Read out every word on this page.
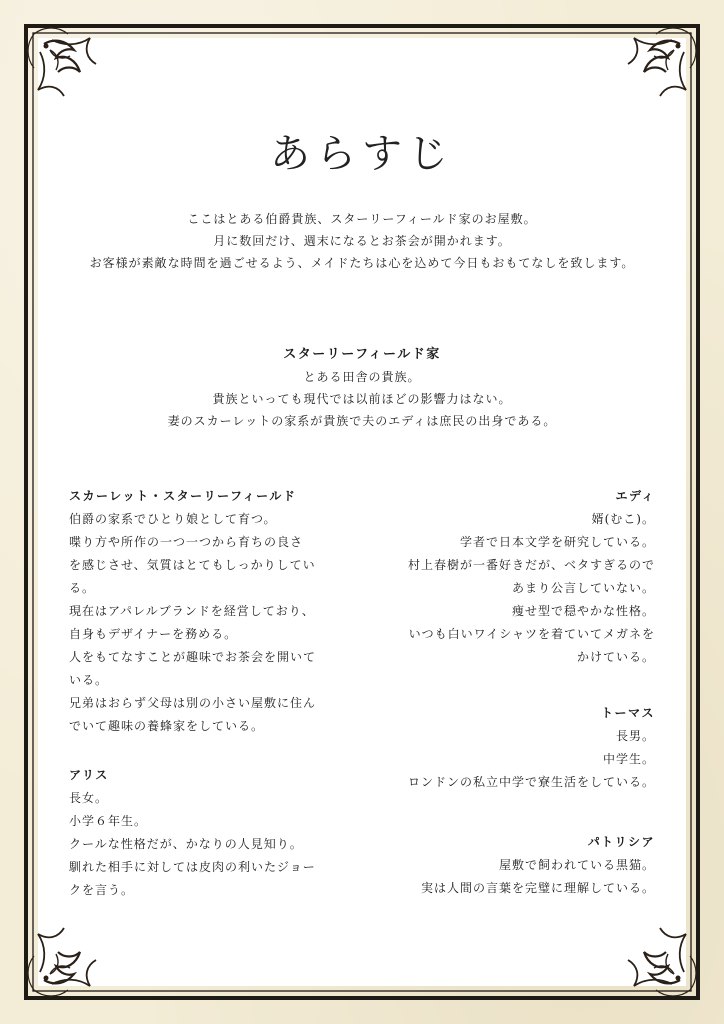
あらすじ
ここはとある伯爵貴族、スターリーフィールド家のお屋敷。
月に数回だけ、週末になるとお茶会が開かれます。
お客様が素敵な時間を過ごせるよう、メイドたちは心を込めて今日もおもてなしを致します。
スターリーフィールド家
とある田舎の貴族。
貴族といっても現代では以前ほどの影響力はない。
妻のスカーレットの家系が貴族で夫のエディは庶民の出身である。
スカーレット・スターリーフィールド
伯爵の家系でひとり娘として育つ。
喋り方や所作の一つ一つから育ちの良さ
を感じさせ、気質はとてもしっかりしてい
る。
現在はアパレルブランドを経営しており、
自身もデザイナーを務める。
人をもてなすことが趣味でお茶会を開いて
いる。
兄弟はおらず父母は別の小さい屋敷に住ん
でいて趣味の養蜂家をしている。
アリス
長女。
小学６年生。
クールな性格だが、かなりの人見知り。
馴れた相手に対しては皮肉の利いたジョー
クを言う。
エディ
婿(むこ)。
学者で日本文学を研究している。
村上春樹が一番好きだが、ベタすぎるので
あまり公言していない。
痩せ型で穏やかな性格。
いつも白いワイシャツを着ていてメガネを
かけている。
トーマス
長男。
中学生。
ロンドンの私立中学で寮生活をしている。
パトリシア
屋敷で飼われている黒猫。
実は人間の言葉を完璧に理解している。
